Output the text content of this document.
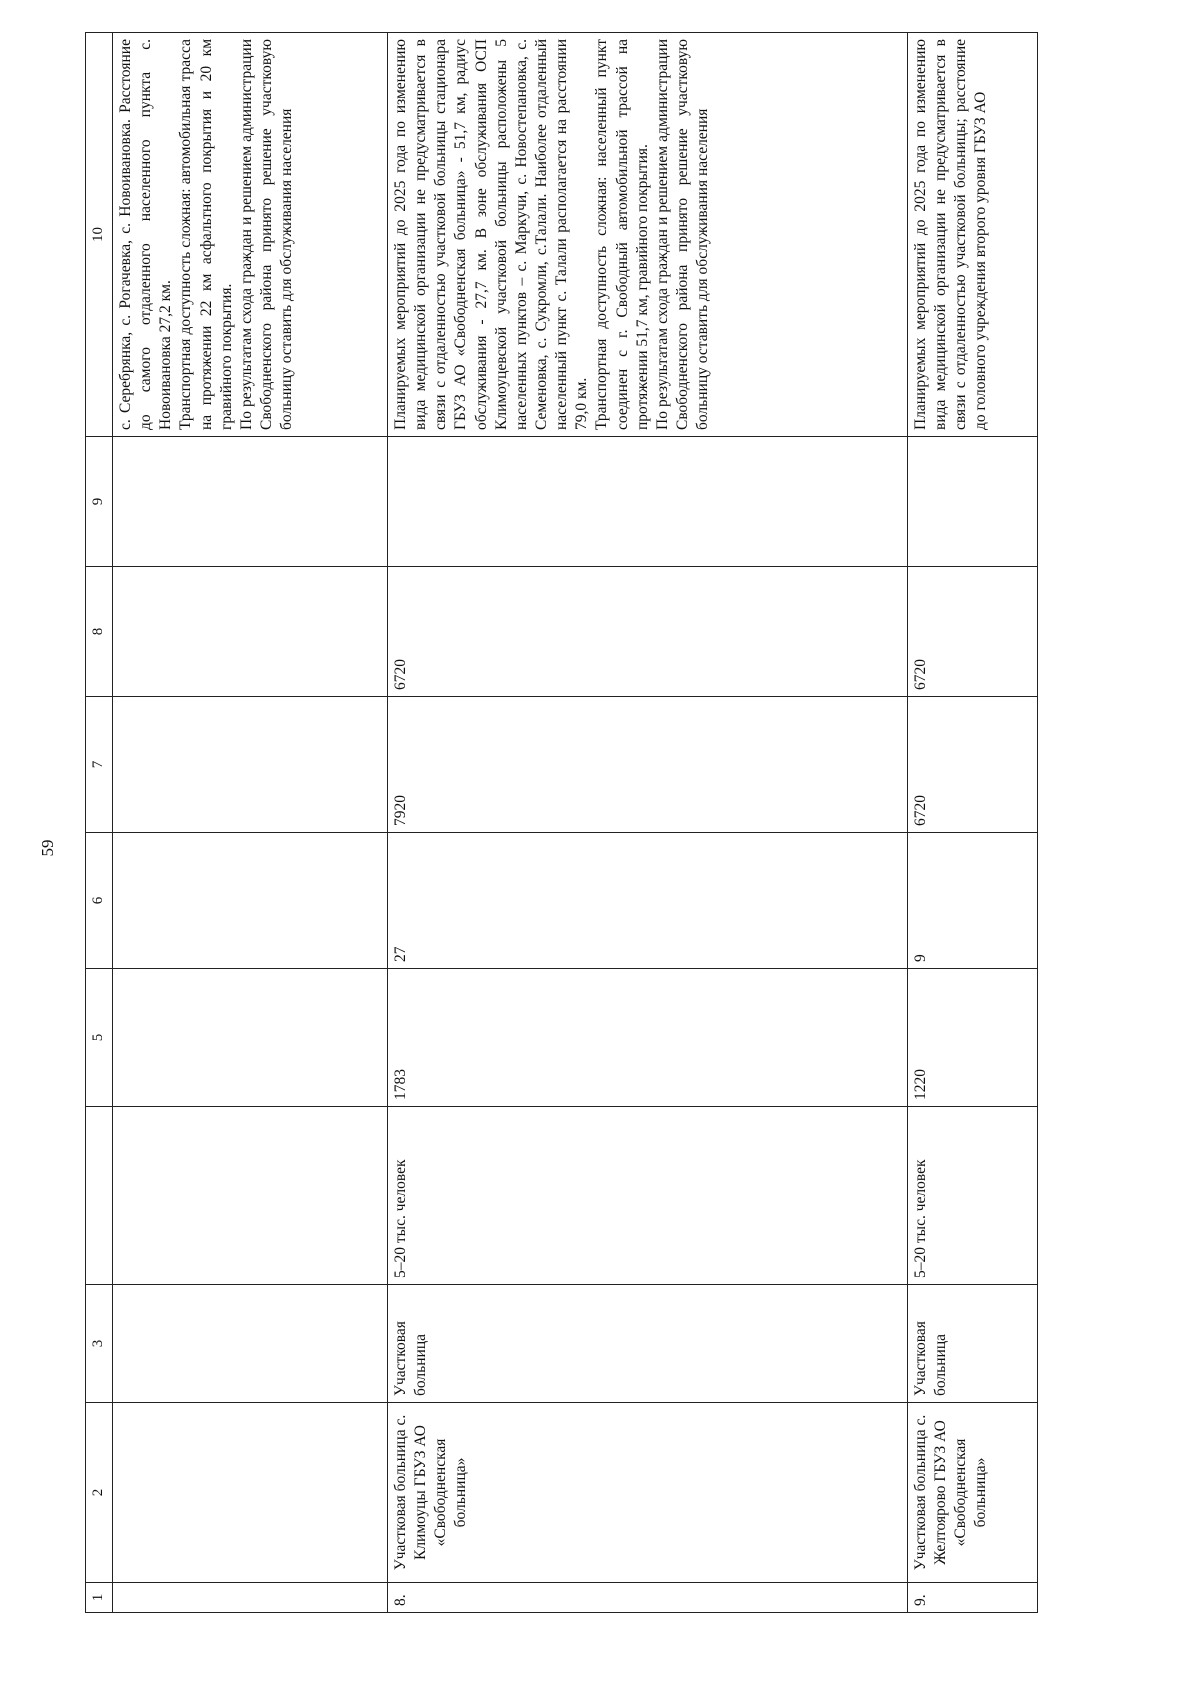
59
1	2	3		5	6	7	8	9	10

									с. Серебрянка, с. Рогачевка, с. Новоивановка. Расстояние до самого отдаленного населенного пункта с. Новоивановка 27,2 км. Транспортная доступность сложная: автомобильная трасса на протяжении 22 км асфальтного покрытия и 20 км гравийного покрытия. По результатам схода граждан и решением администрации Свободненского района принято решение участковую больницу оставить для обслуживания населения

8.	Участковая больница с. Климоуцы ГБУЗ АО «Свободненская больница»	Участковая больница	5–20 тыс. человек	1783	27	7920	6720		Планируемых мероприятий до 2025 года по изменению вида медицинской организации не предусматривается в связи с отдаленностью участковой больницы стационара ГБУЗ АО «Свободненская больница» - 51,7 км, радиус обслуживания - 27,7 км. В зоне обслуживания ОСП Климоуцевской участковой больницы расположены 5 населенных пунктов – с. Маркучи, с. Новостепановка, с. Семеновка, с. Сукромли, с.Талали. Наиболее отдаленный населенный пункт с. Талали располагается на расстоянии 79,0 км. Транспортная доступность сложная: населенный пункт соединен с г. Свободный автомобильной трассой на протяжении 51,7 км, гравийного покрытия. По результатам схода граждан и решением администрации Свободненского района принято решение участковую больницу оставить для обслуживания населения

9.	Участковая больница с. Желтоярово ГБУЗ АО «Свободненская больница»	Участковая больница	5–20 тыс. человек	1220	9	6720	6720		Планируемых мероприятий до 2025 года по изменению вида медицинской организации не предусматривается в связи с отдаленностью участковой больницы; расстояние до головного учреждения второго уровня ГБУЗ АО
